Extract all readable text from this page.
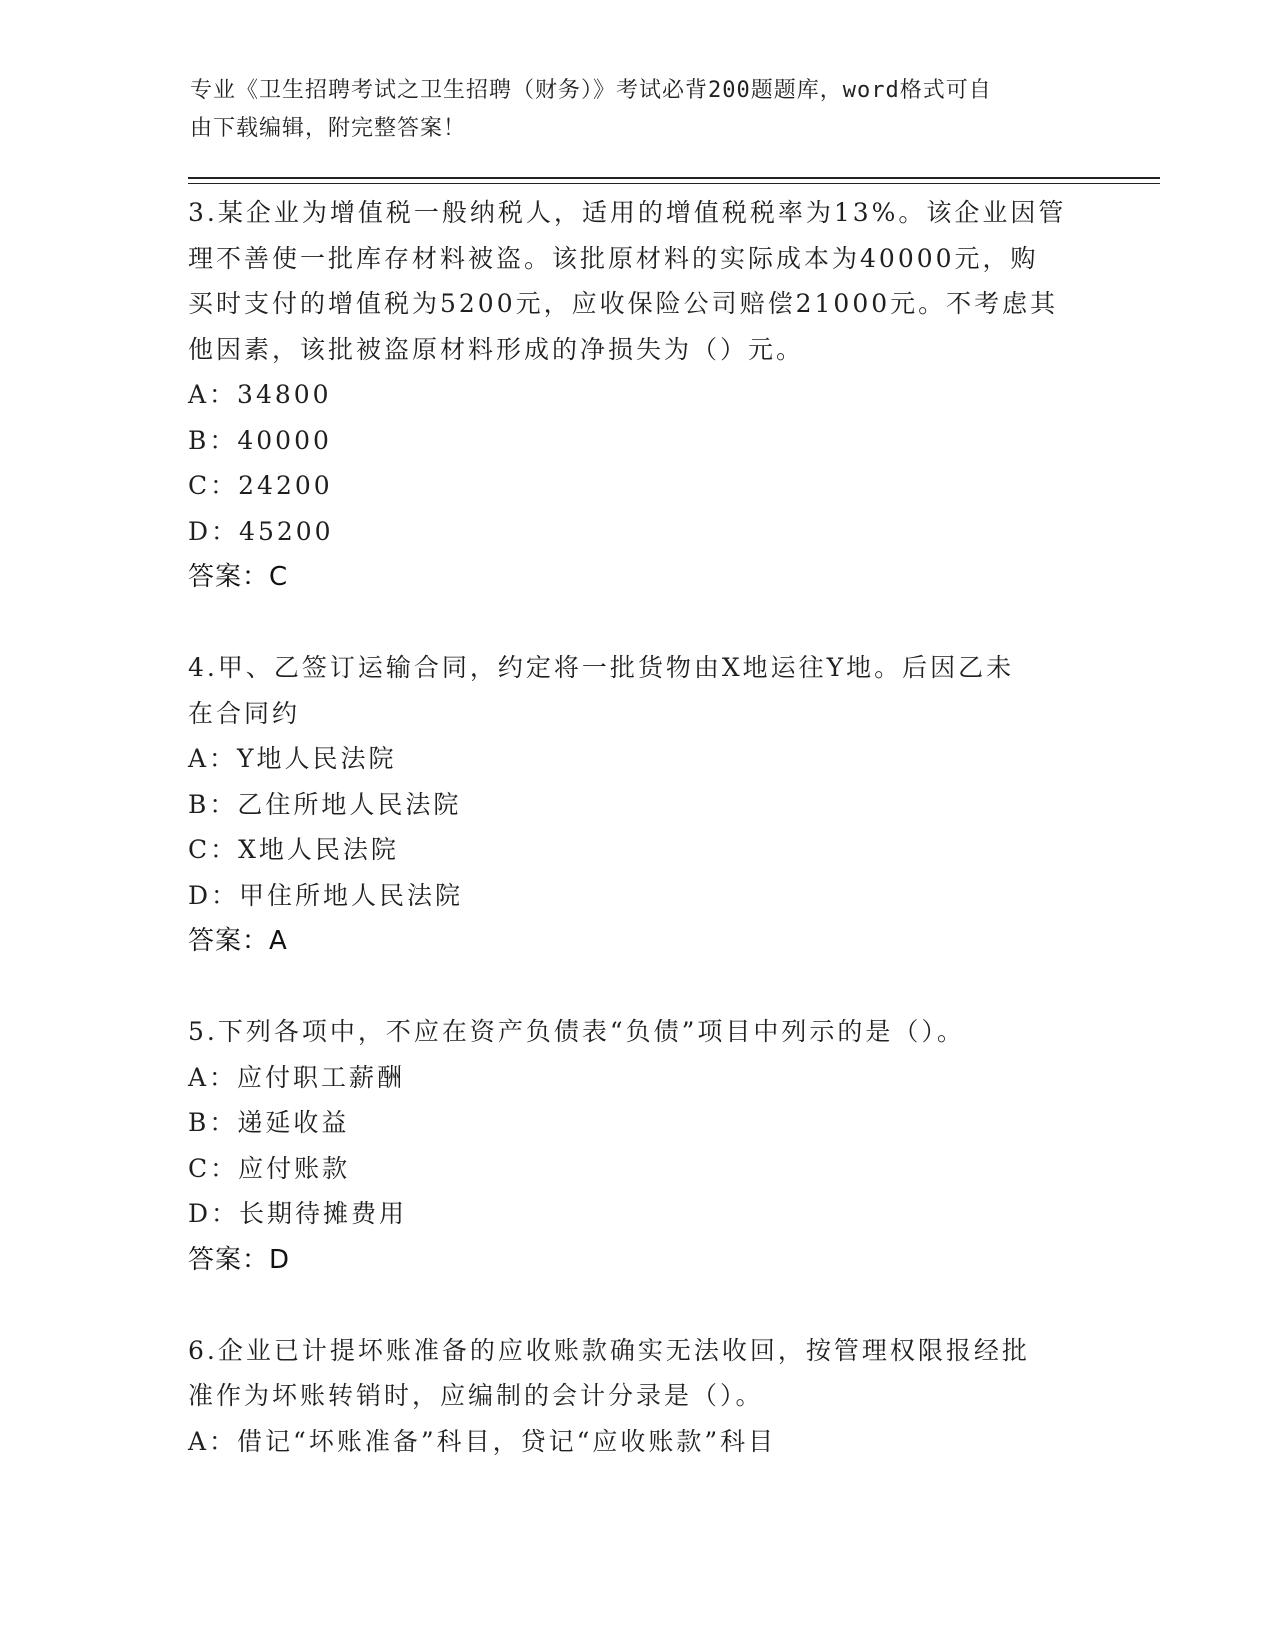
专业《卫生招聘考试之卫生招聘（财务）》考试必背200题题库，word格式可自
由下载编辑，附完整答案！

3.某企业为增值税一般纳税人，适用的增值税税率为13%。该企业因管

理不善使一批库存材料被盗。该批原材料的实际成本为40000元，购

买时支付的增值税为5200元，应收保险公司赔偿21000元。不考虑其

他因素，该批被盗原材料形成的净损失为（）元。

A：34800

B：40000

C：24200

D：45200

答案：C

4.甲、乙签订运输合同，约定将一批货物由X地运往Y地。后因乙未

在合同约

A：Y地人民法院

B：乙住所地人民法院

C：X地人民法院

D：甲住所地人民法院

答案：A

5.下列各项中，不应在资产负债表“负债”项目中列示的是（）。

A：应付职工薪酬

B：递延收益

C：应付账款

D：长期待摊费用

答案：D

6.企业已计提坏账准备的应收账款确实无法收回，按管理权限报经批

准作为坏账转销时，应编制的会计分录是（）。

A：借记“坏账准备”科目，贷记“应收账款”科目
